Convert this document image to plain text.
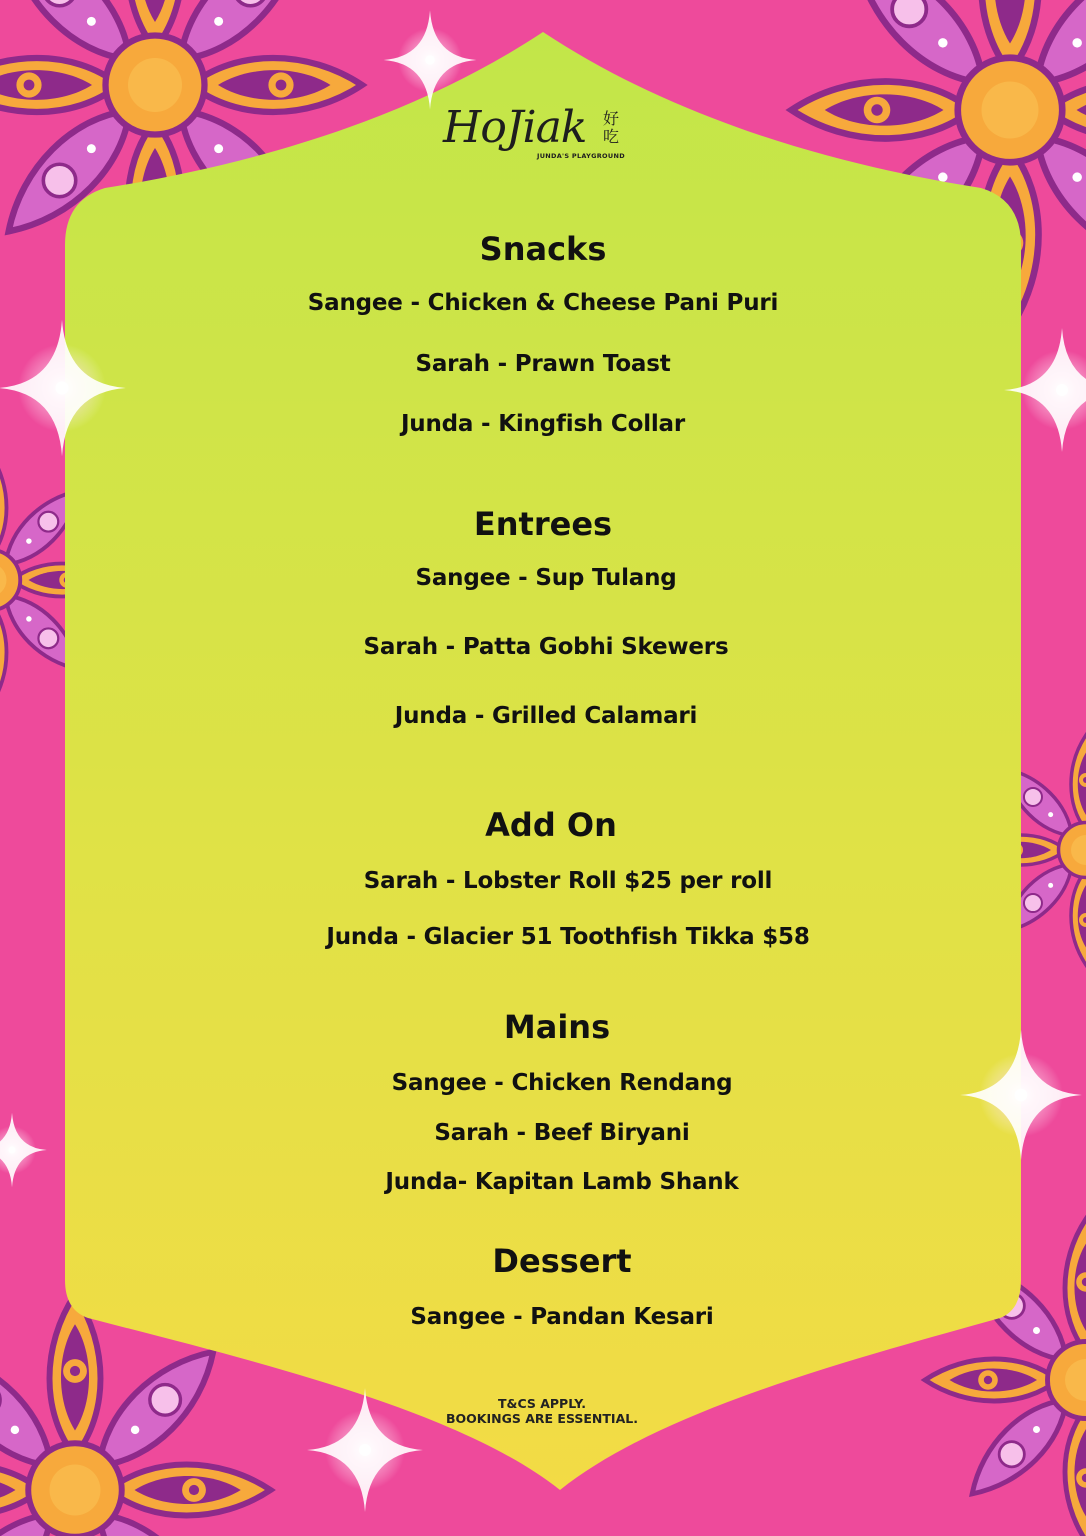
HoJiak 好吃
JUNDA'S PLAYGROUND
Snacks

Sangee - Chicken & Cheese Pani Puri

Sarah - Prawn Toast

Junda - Kingfish Collar

Entrees

Sangee - Sup Tulang

Sarah - Patta Gobhi Skewers

Junda - Grilled Calamari

Add On

Sarah - Lobster Roll $25 per roll

Junda - Glacier 51 Toothfish Tikka $58

Mains

Sangee - Chicken Rendang

Sarah - Beef Biryani

Junda- Kapitan Lamb Shank

Dessert

Sangee - Pandan Kesari

T&CS APPLY.
BOOKINGS ARE ESSENTIAL.
